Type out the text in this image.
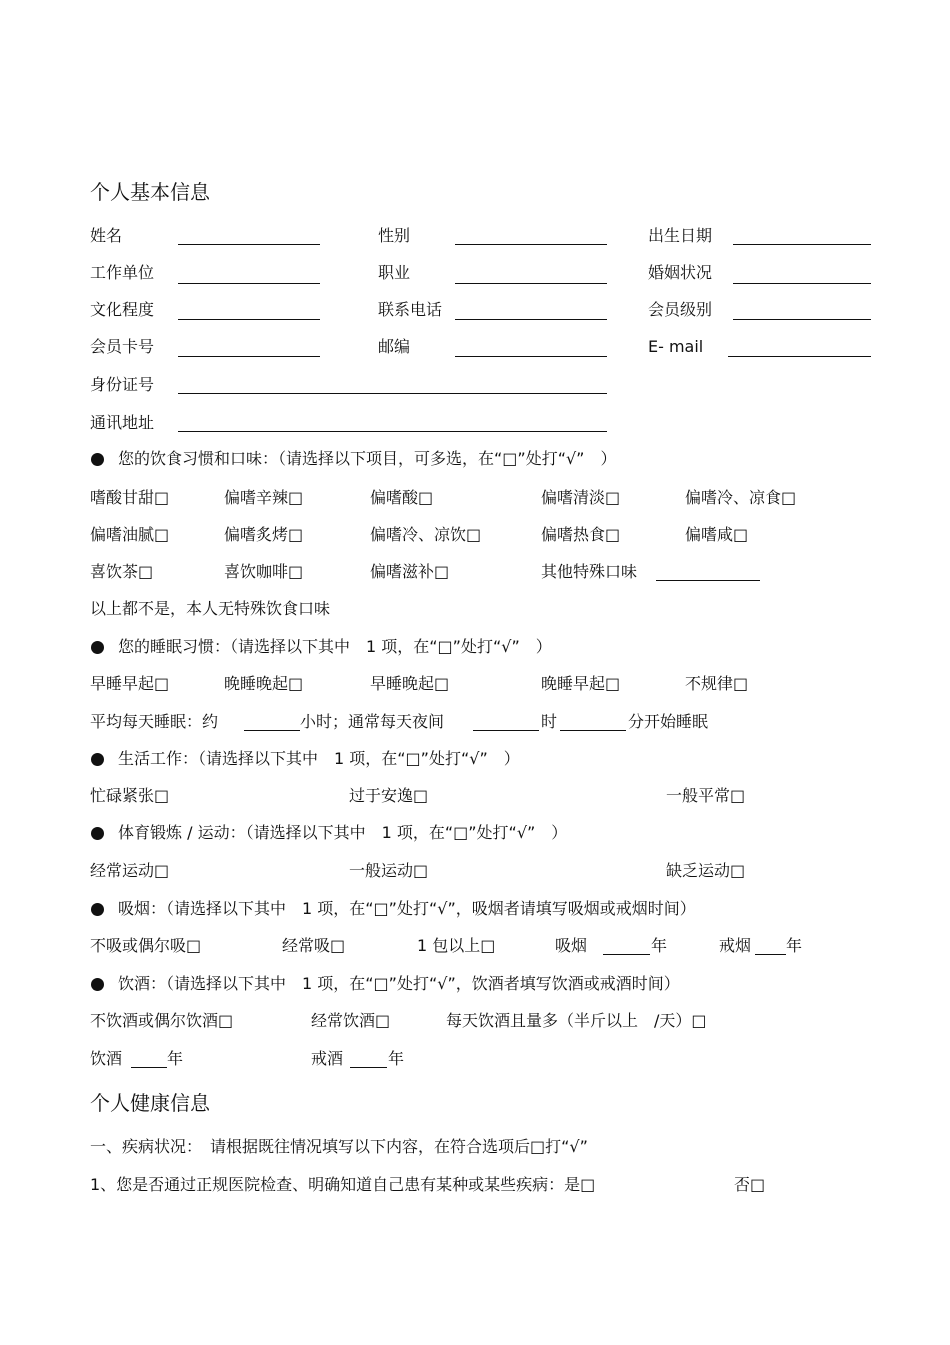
个人基本信息
姓名	性别	出生日期
工作单位	职业	婚姻状况
文化程度	联系电话	会员级别
会员卡号	邮编	E- mail
身份证号
通讯地址
您的饮食习惯和口味：（请选择以下项目，可多选，在“□”处打“√”　）
嗜酸甘甜□	偏嗜辛辣□	偏嗜酸□	偏嗜清淡□	偏嗜冷、凉食□
偏嗜油腻□	偏嗜炙烤□	偏嗜冷、凉饮□	偏嗜热食□	偏嗜咸□
喜饮茶□	喜饮咖啡□	偏嗜滋补□	其他特殊口味
以上都不是，本人无特殊饮食口味
您的睡眠习惯：（请选择以下其中　1 项，在“□”处打“√”　）
早睡早起□	晚睡晚起□	早睡晚起□	晚睡早起□	不规律□
平均每天睡眠：约	小时；通常每天夜间	时	分开始睡眠
生活工作：（请选择以下其中　1 项，在“□”处打“√”　）
忙碌紧张□	过于安逸□	一般平常□
体育锻炼 / 运动：（请选择以下其中　1 项，在“□”处打“√”　）
经常运动□	一般运动□	缺乏运动□
吸烟：（请选择以下其中　1 项，在“□”处打“√”，吸烟者请填写吸烟或戒烟时间）
不吸或偶尔吸□	经常吸□	1 包以上□	吸烟	年	戒烟 年
饮酒：（请选择以下其中　1 项，在“□”处打“√”，饮酒者填写饮酒或戒酒时间）
不饮酒或偶尔饮酒□	经常饮酒□	每天饮酒且量多（半斤以上　/天）□
饮酒	年	戒酒	年
个人健康信息
一、疾病状况：　请根据既往情况填写以下内容，在符合选项后□打“√”
1、您是否通过正规医院检查、明确知道自己患有某种或某些疾病：是□	否□
